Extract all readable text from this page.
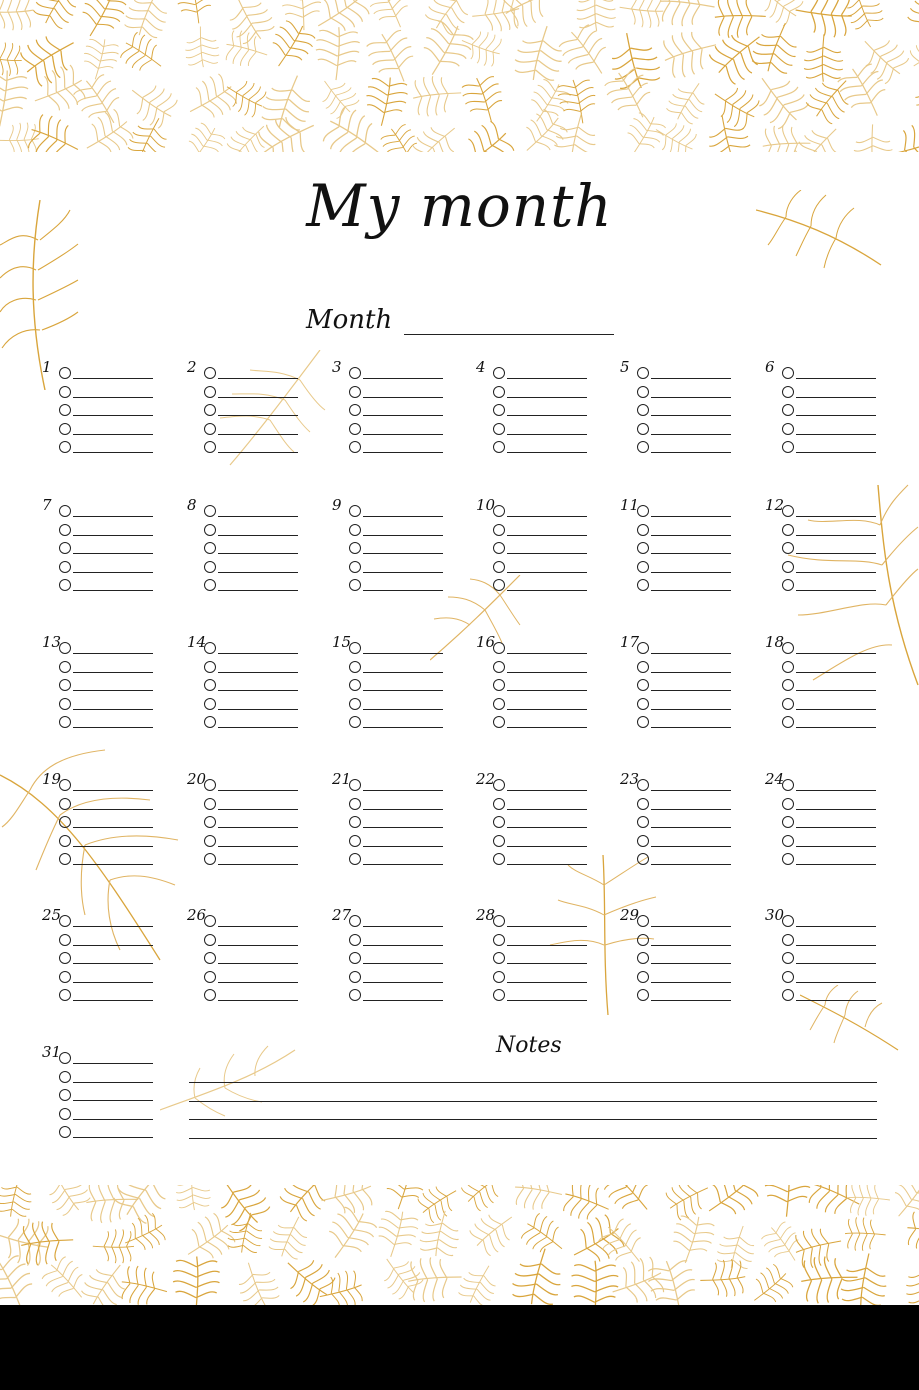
My month
Month
1	2	3	4	5	6
7	8	9	10	11	12
13	14	15	16	17	18
19	20	21	22	23	24
25	26	27	28	29	30
31	Notes
